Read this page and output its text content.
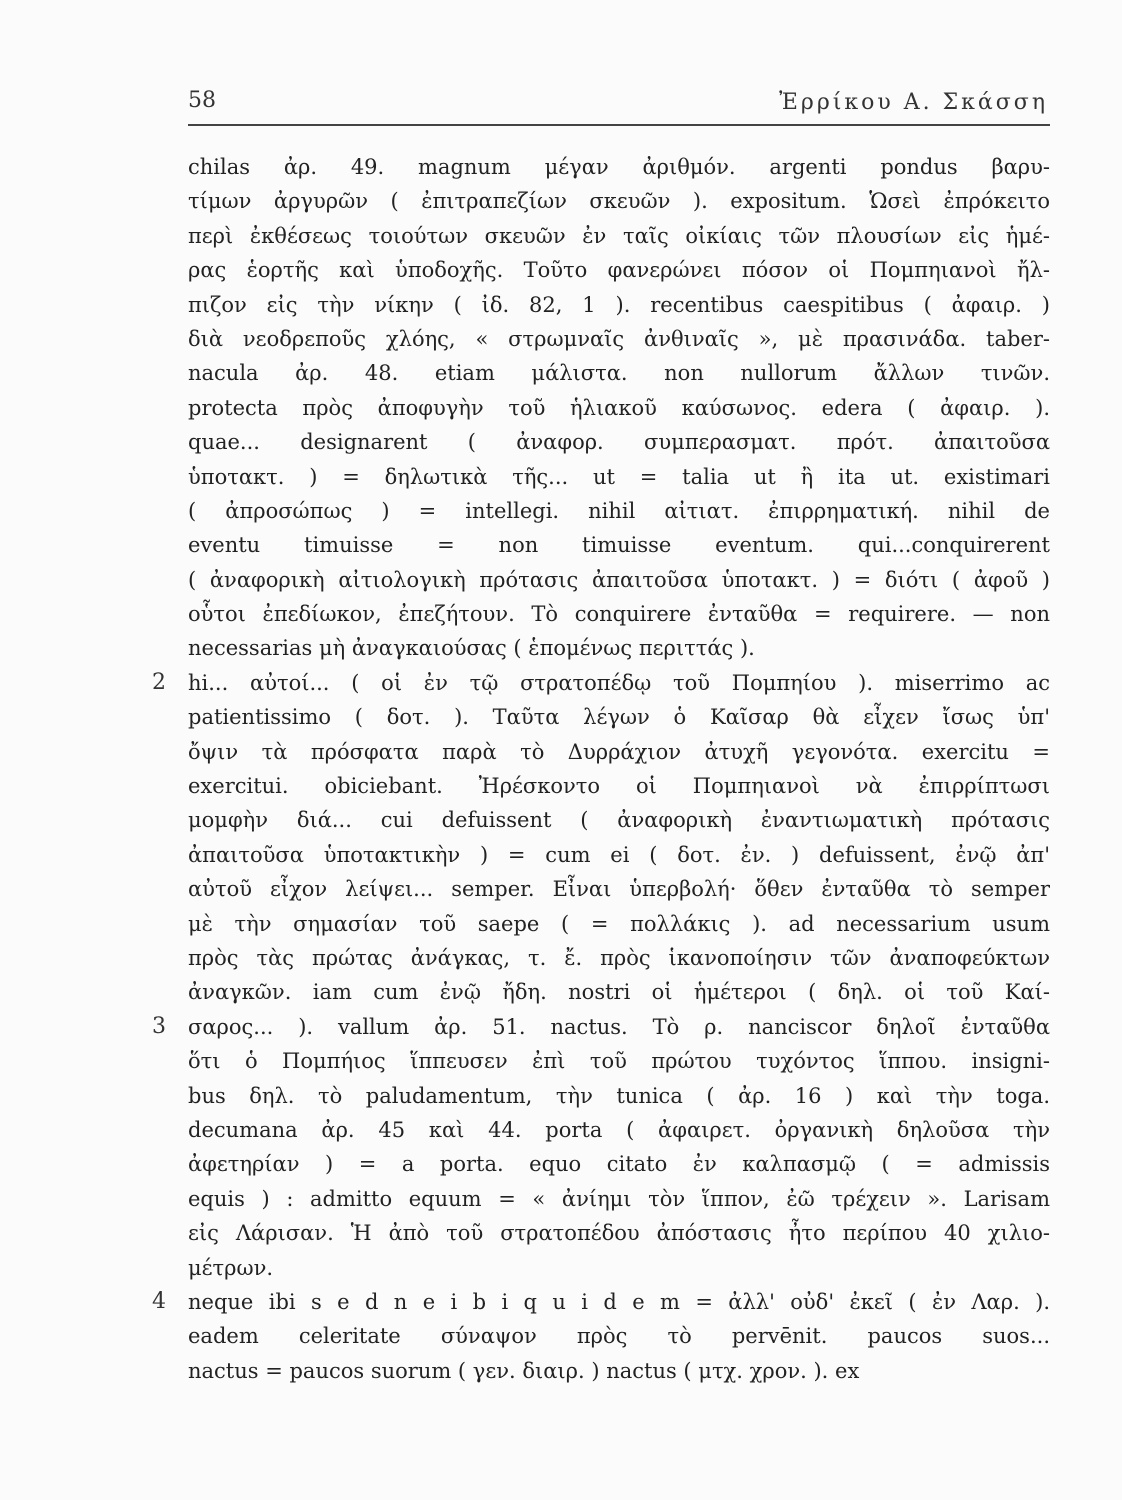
58	Ἐρρίκου Α. Σκάσση
chilas ἀρ. 49. magnum μέγαν ἀριθμόν. argenti pondus βαρυ-
τίμων ἀργυρῶν ( ἐπιτραπεζίων σκευῶν ). expositum. Ὡσεὶ ἐπρόκειτο
περὶ ἐκθέσεως τοιούτων σκευῶν ἐν ταῖς οἰκίαις τῶν πλουσίων εἰς ἡμέ-
ρας ἑορτῆς καὶ ὑποδοχῆς. Τοῦτο φανερώνει πόσον οἱ Πομπηιανοὶ ἤλ-
πιζον εἰς τὴν νίκην ( ἰδ. 82, 1 ). recentibus caespitibus ( ἀφαιρ. )
διὰ νεοδρεποῦς χλόης, « στρωμναῖς ἀνθιναῖς », μὲ πρασινάδα. taber-
nacula ἀρ. 48. etiam μάλιστα. non nullorum ἄλλων τινῶν.
protecta πρὸς ἀποφυγὴν τοῦ ἡλιακοῦ καύσωνος. edera ( ἀφαιρ. ).
quae... designarent ( ἀναφορ. συμπερασματ. πρότ. ἀπαιτοῦσα
ὑποτακτ. ) = δηλωτικὰ τῆς... ut = talia ut ἢ ita ut. existimari
( ἀπροσώπως ) = intellegi. nihil αἰτιατ. ἐπιρρηματική. nihil de
eventu timuisse = non timuisse eventum. qui...conquirerent
( ἀναφορικὴ αἰτιολογικὴ πρότασις ἀπαιτοῦσα ὑποτακτ. ) = διότι ( ἀφοῦ )
οὗτοι ἐπεδίωκον, ἐπεζήτουν. Τὸ conquirere ἐνταῦθα = requirere. — non
necessarias μὴ ἀναγκαιούσας ( ἑπομένως περιττάς ).
hi... αὐτοί... ( οἱ ἐν τῷ στρατοπέδῳ τοῦ Πομπηίου ). miserrimo ac
patientissimo ( δοτ. ). Ταῦτα λέγων ὁ Καῖσαρ θὰ εἶχεν ἴσως ὑπ'
ὄψιν τὰ πρόσφατα παρὰ τὸ Δυρράχιον ἀτυχῆ γεγονότα. exercitu =
exercitui. obiciebant. Ἠρέσκοντο οἱ Πομπηιανοὶ νὰ ἐπιρρίπτωσι
μομφὴν διά... cui defuissent ( ἀναφορικὴ ἐναντιωματικὴ πρότασις
ἀπαιτοῦσα ὑποτακτικὴν ) = cum ei ( δοτ. ἐν. ) defuissent, ἐνῷ ἀπ'
αὐτοῦ εἶχον λείψει... semper. Εἶναι ὑπερβολή· ὅθεν ἐνταῦθα τὸ semper
μὲ τὴν σημασίαν τοῦ saepe ( = πολλάκις ). ad necessarium usum
πρὸς τὰς πρώτας ἀνάγκας, τ. ἔ. πρὸς ἱκανοποίησιν τῶν ἀναποφεύκτων
ἀναγκῶν. iam cum ἐνῷ ἤδη. nostri οἱ ἡμέτεροι ( δηλ. οἱ τοῦ Καί-
σαρος... ). vallum ἀρ. 51. nactus. Τὸ ρ. nanciscor δηλοῖ ἐνταῦθα
ὅτι ὁ Πομπήιος ἵππευσεν ἐπὶ τοῦ πρώτου τυχόντος ἵππου. insigni-
bus δηλ. τὸ paludamentum, τὴν tunica ( ἀρ. 16 ) καὶ τὴν toga.
decumana ἀρ. 45 καὶ 44. porta ( ἀφαιρετ. ὀργανικὴ δηλοῦσα τὴν
ἀφετηρίαν ) = a porta. equo citato ἐν καλπασμῷ ( = admissis
equis ) : admitto equum = « ἀνίημι τὸν ἵππον, ἐῶ τρέχειν ». Larisam
εἰς Λάρισαν. Ἡ ἀπὸ τοῦ στρατοπέδου ἀπόστασις ἦτο περίπου 40 χιλιο-
μέτρων.
neque ibi s e d n e i b i q u i d e m = ἀλλ' οὐδ' ἐκεῖ ( ἐν Λαρ. ).
eadem celeritate σύναψον πρὸς τὸ pervēnit. paucos suos...
nactus = paucos suorum ( γεν. διαιρ. ) nactus ( μτχ. χρον. ). ex
2
3
4
